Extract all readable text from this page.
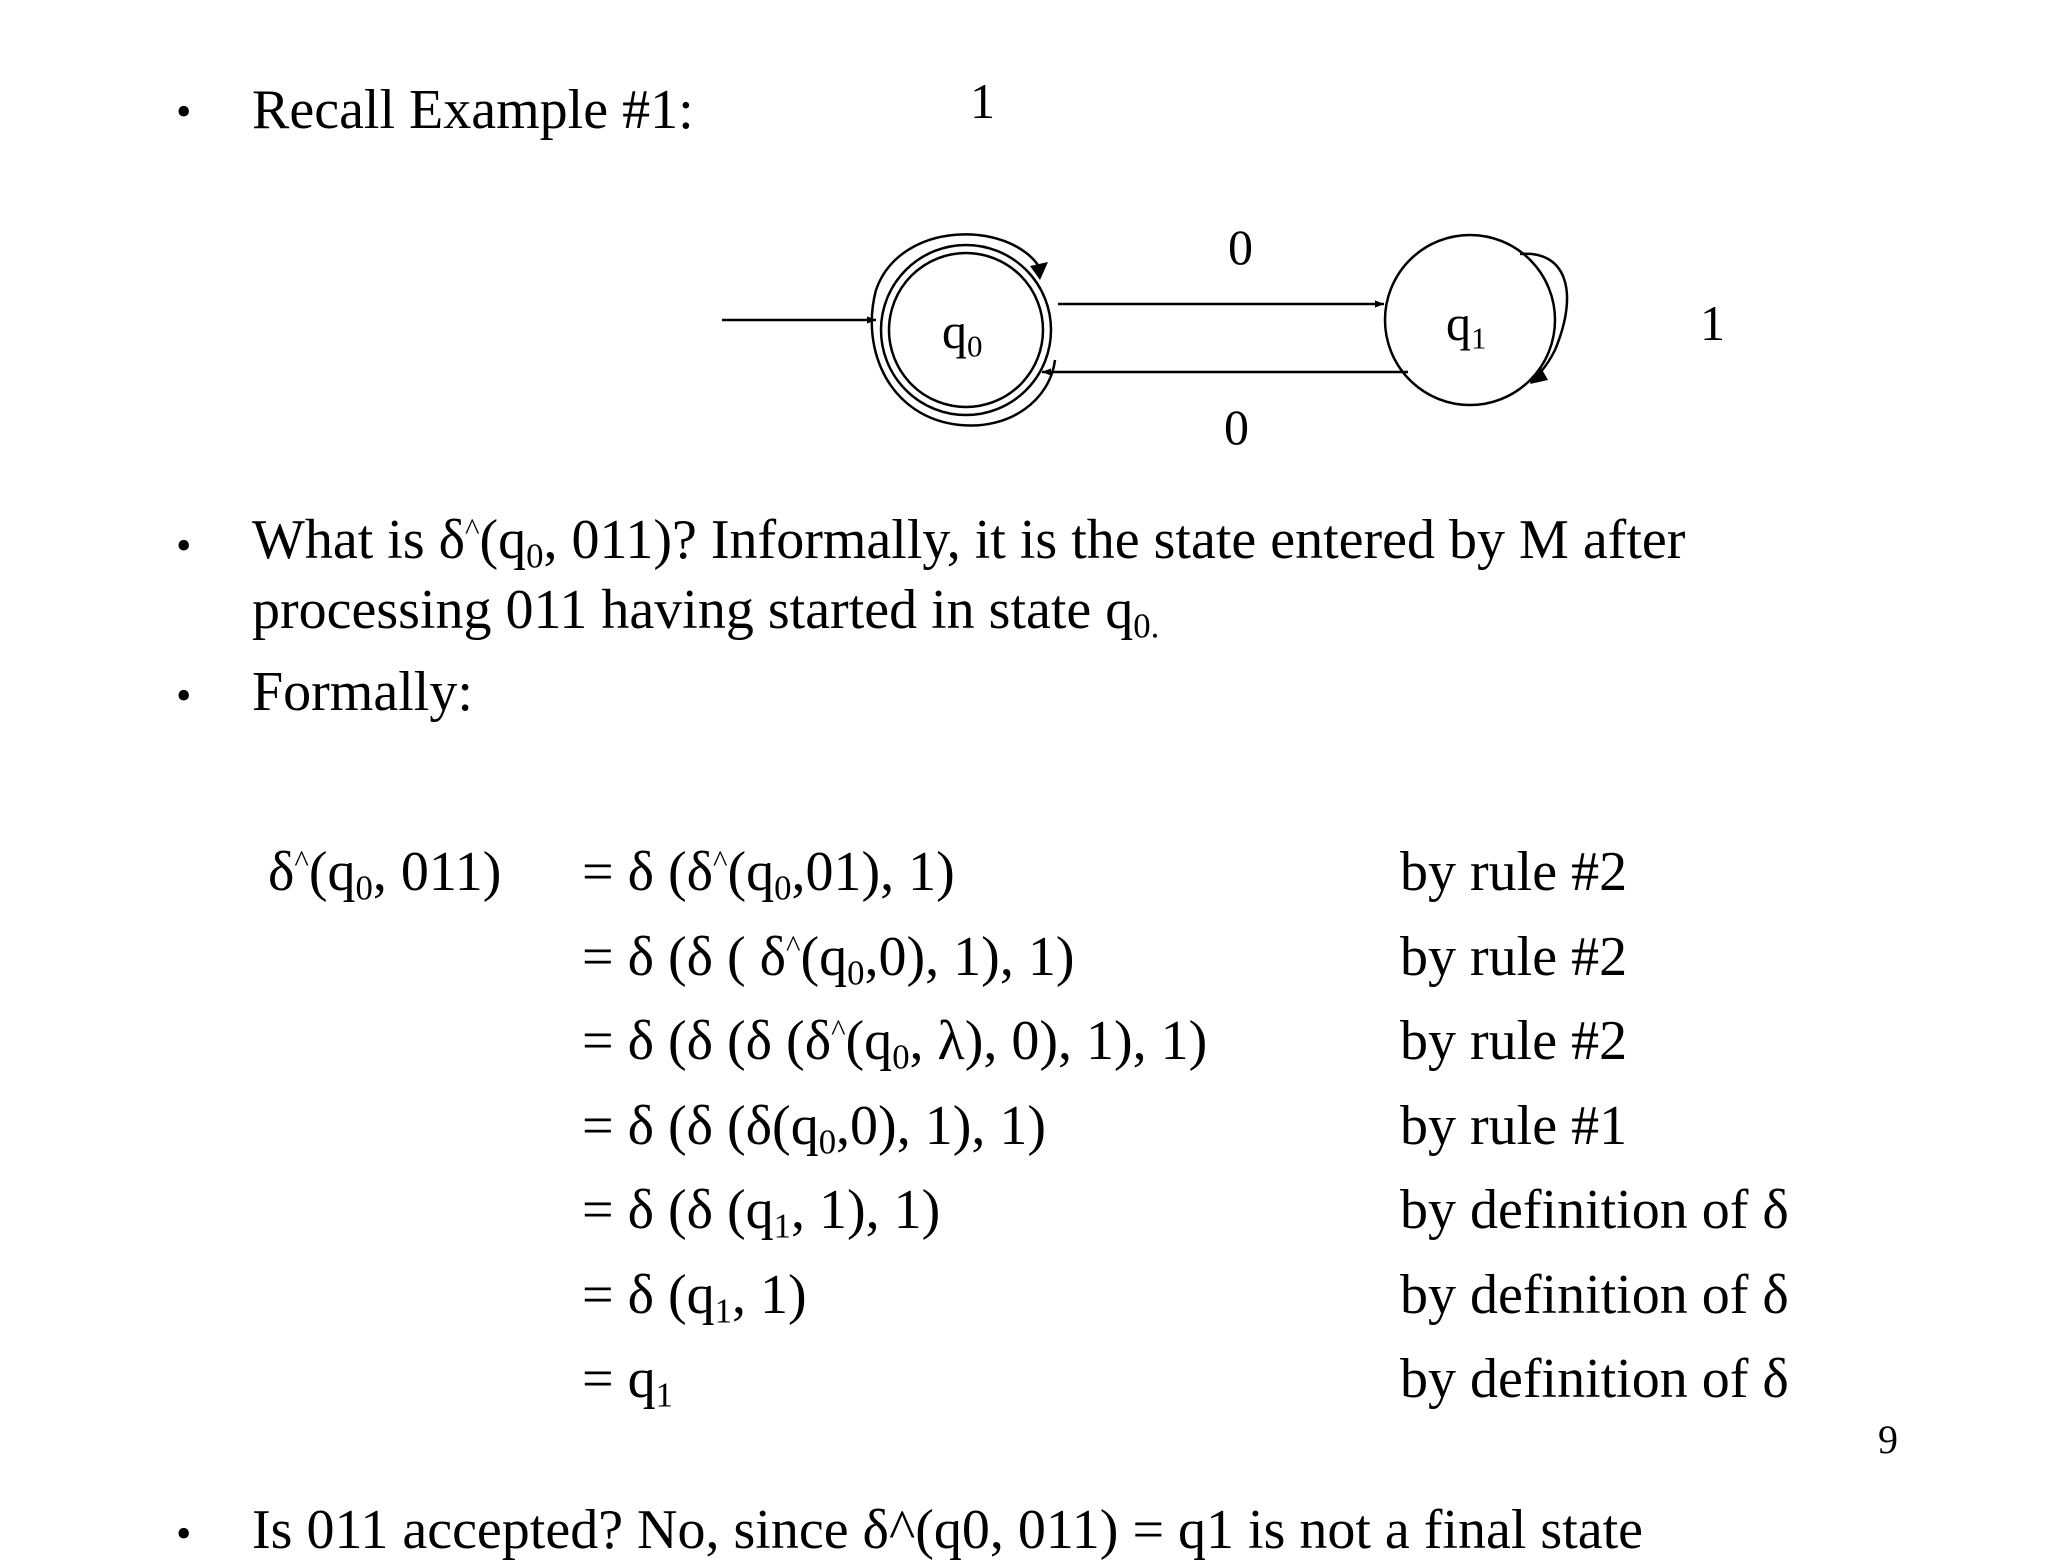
• Recall Example #1:
$q_0$	$q_1$
1
1
0
0
• What is $\delta^{\^{}}(q_0$, 011)? Informally, it is the state entered by M after
processing 011 having started in state $q_{0.}$
• Formally:
$\delta^{\^{}}(q_0$, 011) = δ ($\delta^{\^{}}(q_0,01)$, 1)	by rule #2
= δ (δ ( $\delta^{\^{}}(q_0,0)$, 1), 1)	by rule #2
= δ (δ (δ ($\delta^{\^{}}(q_0$, λ), 0), 1), 1)	by rule #2
= δ (δ ($\delta(q_0,0)$, 1), 1)	by rule #1
= δ (δ ($q_1$, 1), 1)	by definition of δ
= δ ($q_1$, 1)	by definition of δ
= $q_1$	by definition of δ
9
• Is 011 accepted? No, since δ^(q0, 011) = q1 is not a final state
